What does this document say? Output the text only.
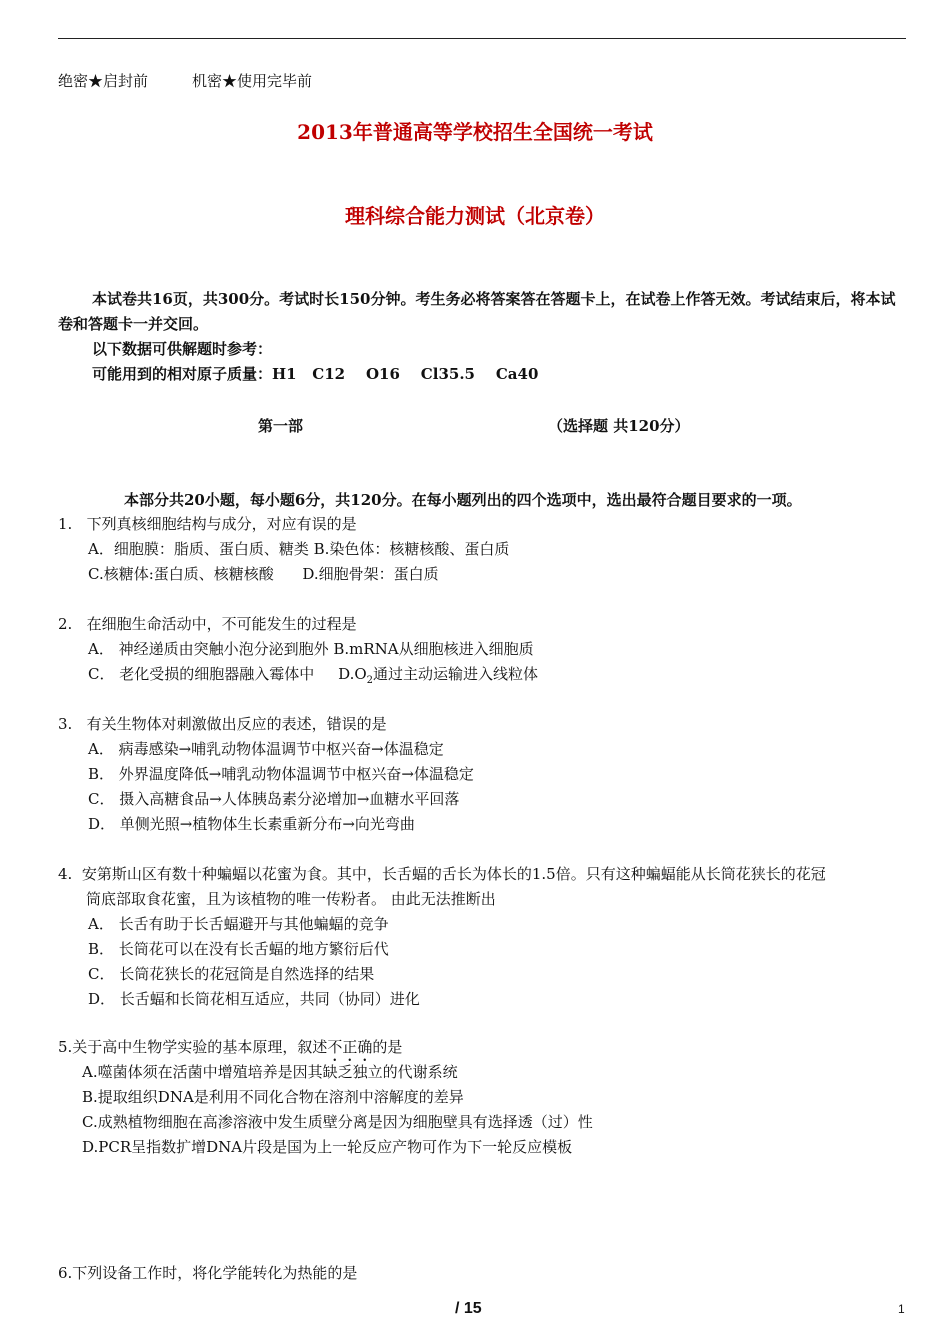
绝密★启封前	机密★使用完毕前
2013年普通高等学校招生全国统一考试
理科综合能力测试（北京卷）
本试卷共16页，共300分。考试时长150分钟。考生务必将答案答在答题卡上，在试卷上作答无效。考试结束后，将本试卷和答题卡一并交回。
以下数据可供解题时参考：
可能用到的相对原子质量：H1   C12    O16    Cl35.5    Ca40
第一部	（选择题 共120分）
本部分共20小题，每小题6分，共120分。在每小题列出的四个选项中，选出最符合题目要求的一项。
1.   下列真核细胞结构与成分，对应有误的是
A．细胞膜：脂质、蛋白质、糖类 B.染色体：核糖核酸、蛋白质
C.核糖体:蛋白质、核糖核酸      D.细胞骨架：蛋白质
2.   在细胞生命活动中，不可能发生的过程是
A． 神经递质由突触小泡分泌到胞外 B.mRNA从细胞核进入细胞质
C． 老化受损的细胞器融入霉体中     $D.O_2$通过主动运输进入线粒体
3.   有关生物体对刺激做出反应的表述，错误的是
A． 病毒感染→哺乳动物体温调节中枢兴奋→体温稳定
B． 外界温度降低→哺乳动物体温调节中枢兴奋→体温稳定
C． 摄入高糖食品→人体胰岛素分泌增加→血糖水平回落
D． 单侧光照→植物体生长素重新分布→向光弯曲
4.  安第斯山区有数十种蝙蝠以花蜜为食。其中，长舌蝠的舌长为体长的1.5倍。只有这种蝙蝠能从长筒花狭长的花冠
筒底部取食花蜜，且为该植物的唯一传粉者。 由此无法推断出
A． 长舌有助于长舌蝠避开与其他蝙蝠的竞争
B． 长筒花可以在没有长舌蝠的地方繁衍后代
C． 长筒花狭长的花冠筒是自然选择的结果
D． 长舌蝠和长筒花相互适应，共同（协同）进化
5.关于高中生物学实验的基本原理，叙述不正确的是
A.噬菌体须在活菌中增殖培养是因其缺乏独立的代谢系统
B.提取组织DNA是利用不同化合物在溶剂中溶解度的差异
C.成熟植物细胞在高渗溶液中发生质壁分离是因为细胞壁具有选择透（过）性
D.PCR呈指数扩增DNA片段是国为上一轮反应产物可作为下一轮反应模板
6.下列设备工作时，将化学能转化为热能的是
/ 15	1
